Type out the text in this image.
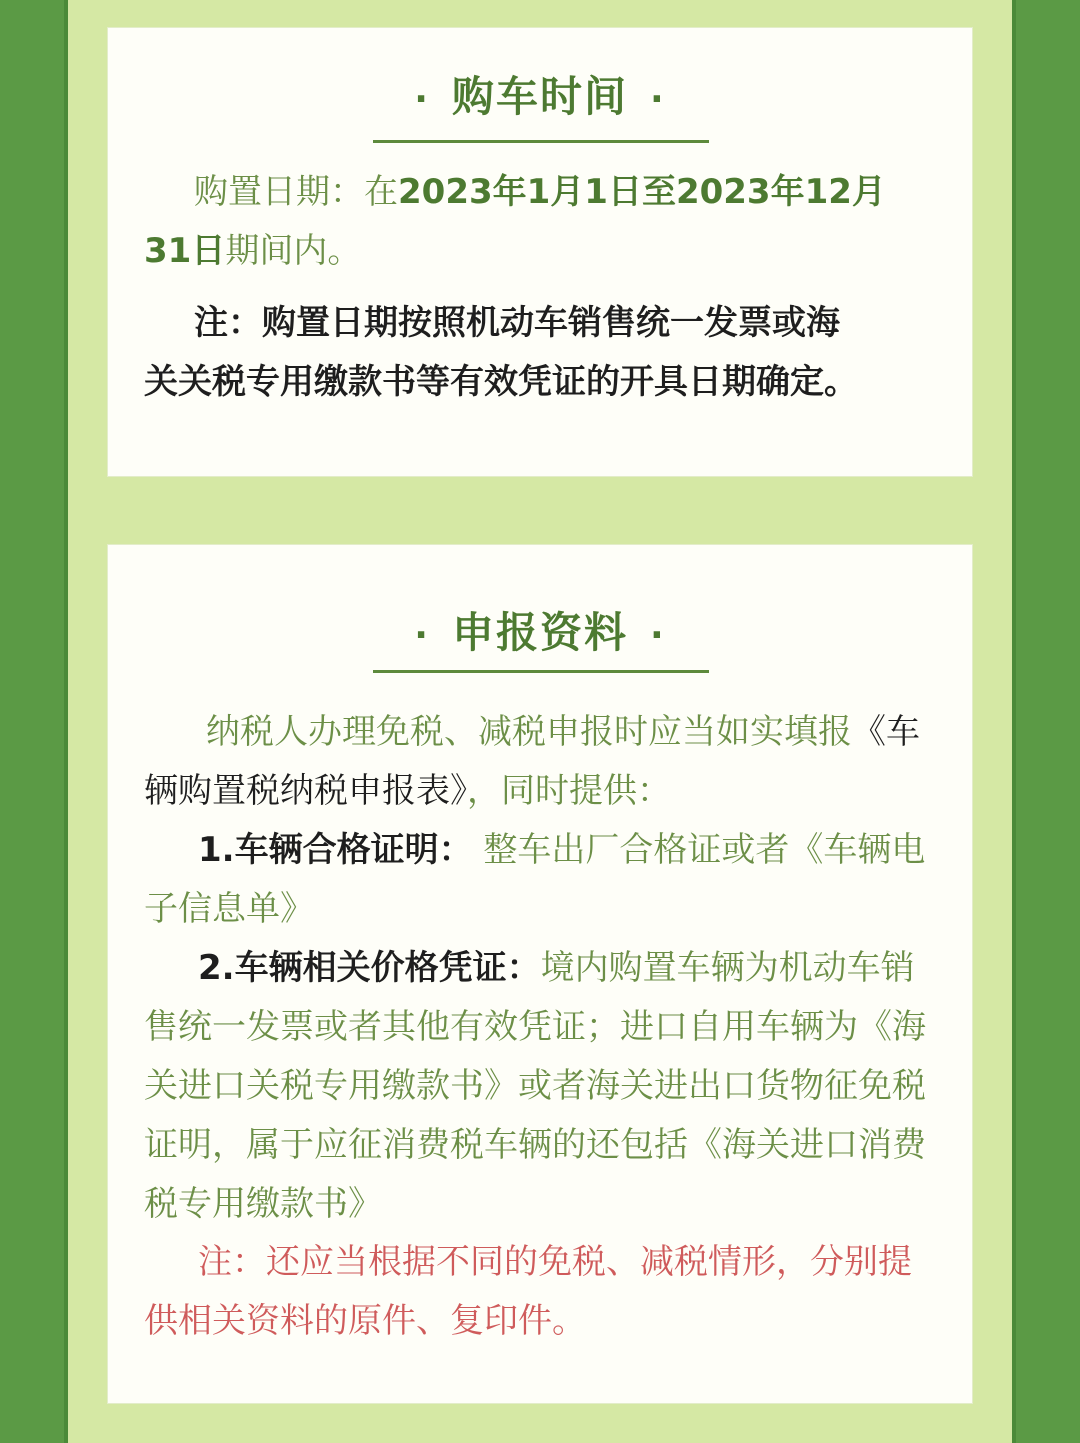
· 购车时间 ·

购置日期：在2023年1月1日至2023年12月
31日期间内。

注：购置日期按照机动车销售统一发票或海
关关税专用缴款书等有效凭证的开具日期确定。

· 申报资料 ·

纳税人办理免税、减税申报时应当如实填报《车
辆购置税纳税申报表》，同时提供：

1.车辆合格证明： 整车出厂合格证或者《车辆电
子信息单》

2.车辆相关价格凭证：境内购置车辆为机动车销
售统一发票或者其他有效凭证；进口自用车辆为《海
关进口关税专用缴款书》或者海关进出口货物征免税
证明，属于应征消费税车辆的还包括《海关进口消费
税专用缴款书》

注：还应当根据不同的免税、减税情形，分别提
供相关资料的原件、复印件。
